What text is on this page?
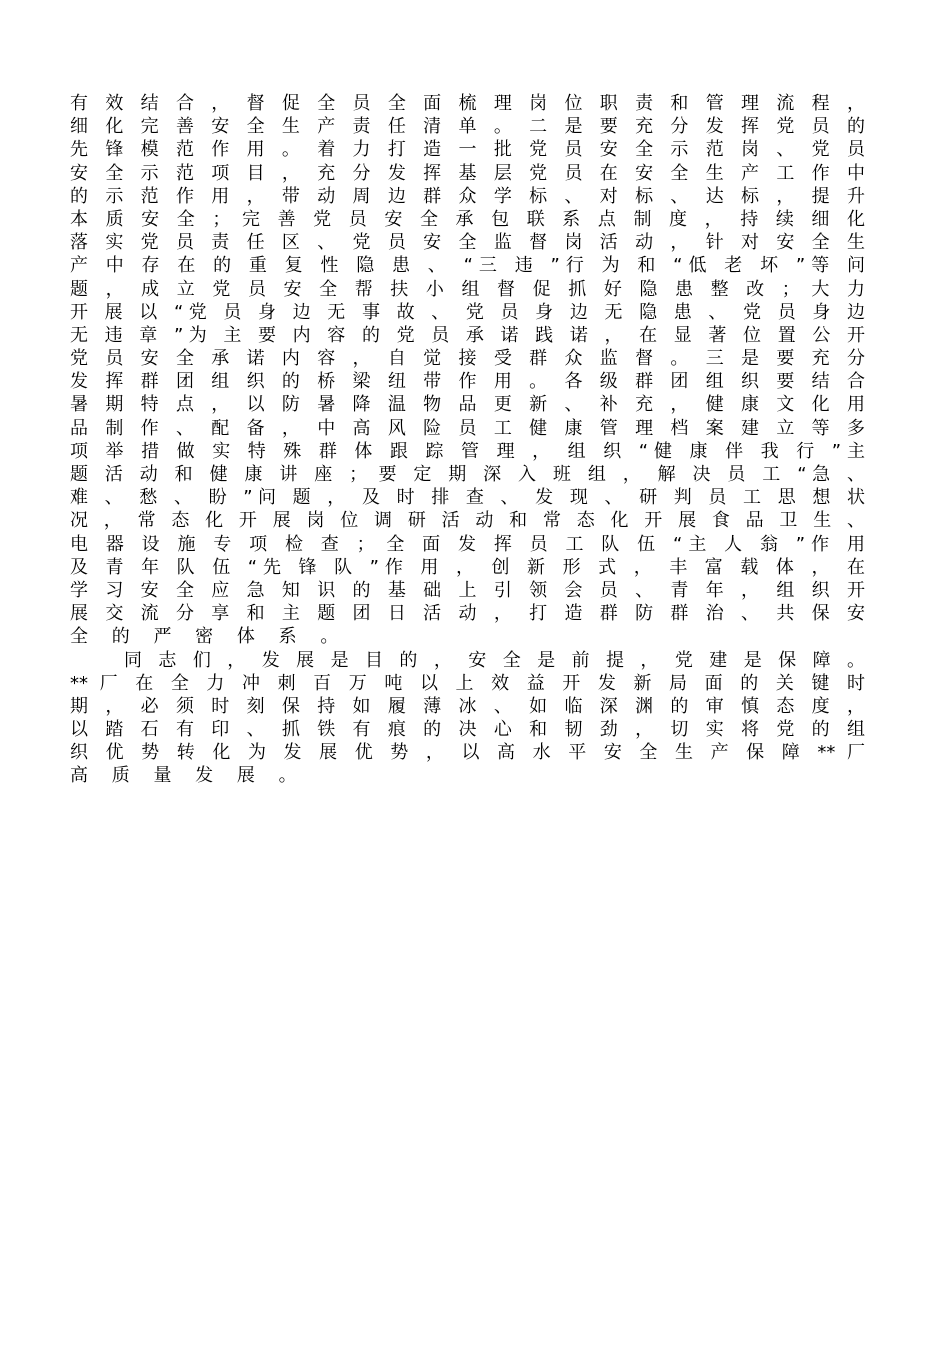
有 效 结 合 ， 督 促 全 员 全 面 梳 理 岗 位 职 责 和 管 理 流 程 ，
细 化 完 善 安 全 生 产 责 任 清 单 。 二 是 要 充 分 发 挥 党 员 的
先 锋 模 范 作 用 。 着 力 打 造 一 批 党 员 安 全 示 范 岗 、 党 员
安 全 示 范 项 目 ， 充 分 发 挥 基 层 党 员 在 安 全 生 产 工 作 中
的 示 范 作 用 ， 带 动 周 边 群 众 学 标 、 对 标 、 达 标 ， 提 升
本 质 安 全 ； 完 善 党 员 安 全 承 包 联 系 点 制 度 ， 持 续 细 化
落 实 党 员 责 任 区 、 党 员 安 全 监 督 岗 活 动 ， 针 对 安 全 生
产 中 存 在 的 重 复 性 隐 患 、 “三 违 ”行 为 和 “低 老 坏 ”等 问
题 ， 成 立 党 员 安 全 帮 扶 小 组 督 促 抓 好 隐 患 整 改 ； 大 力
开 展 以 “党 员 身 边 无 事 故 、 党 员 身 边 无 隐 患 、 党 员 身 边
无 违 章 ”为 主 要 内 容 的 党 员 承 诺 践 诺 ， 在 显 著 位 置 公 开
党 员 安 全 承 诺 内 容 ， 自 觉 接 受 群 众 监 督 。 三 是 要 充 分
发 挥 群 团 组 织 的 桥 梁 纽 带 作 用 。 各 级 群 团 组 织 要 结 合
暑 期 特 点 ， 以 防 暑 降 温 物 品 更 新 、 补 充 ， 健 康 文 化 用
品 制 作 、 配 备 ， 中 高 风 险 员 工 健 康 管 理 档 案 建 立 等 多
项 举 措 做 实 特 殊 群 体 跟 踪 管 理 ， 组 织 “健 康 伴 我 行 ”主
题 活 动 和 健 康 讲 座 ； 要 定 期 深 入 班 组 ， 解 决 员 工 “急 、
难 、 愁 、 盼 ”问 题 ， 及 时 排 查 、 发 现 、 研 判 员 工 思 想 状
况 ， 常 态 化 开 展 岗 位 调 研 活 动 和 常 态 化 开 展 食 品 卫 生 、
电 器 设 施 专 项 检 查 ； 全 面 发 挥 员 工 队 伍 “主 人 翁 ”作 用
及 青 年 队 伍 “先 锋 队 ”作 用 ， 创 新 形 式 ， 丰 富 载 体 ， 在
学 习 安 全 应 急 知 识 的 基 础 上 引 领 会 员 、 青 年 ， 组 织 开
展 交 流 分 享 和 主 题 团 日 活 动 ， 打 造 群 防 群 治 、 共 保 安
全 的 严 密 体 系 。
同 志 们 ， 发 展 是 目 的 ， 安 全 是 前 提 ， 党 建 是 保 障 。
** 厂 在 全 力 冲 刺 百 万 吨 以 上 效 益 开 发 新 局 面 的 关 键 时
期 ， 必 须 时 刻 保 持 如 履 薄 冰 、 如 临 深 渊 的 审 慎 态 度 ，
以 踏 石 有 印 、 抓 铁 有 痕 的 决 心 和 韧 劲 ， 切 实 将 党 的 组
织 优 势 转 化 为 发 展 优 势 ， 以 高 水 平 安 全 生 产 保 障 ** 厂
高 质 量 发 展 。
